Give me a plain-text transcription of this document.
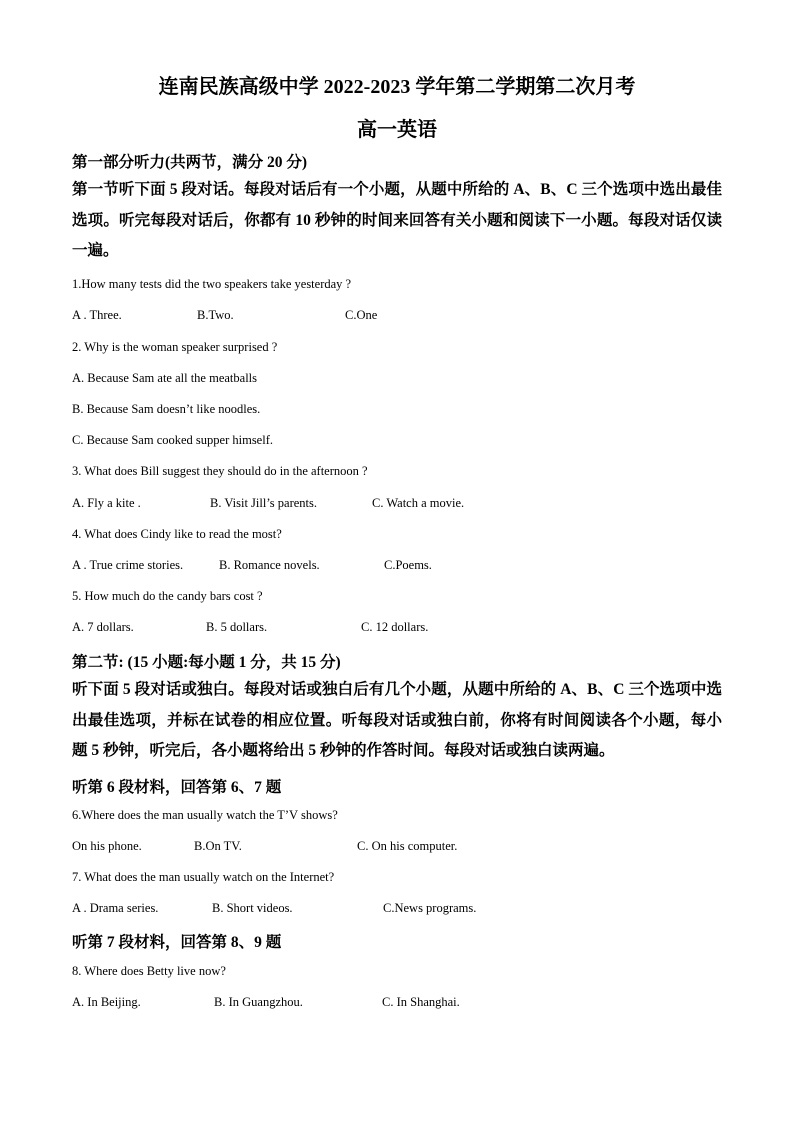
连南民族高级中学 2022-2023 学年第二学期第二次月考
高一英语
第一部分听力(共两节，满分 20 分)
第一节听下面 5 段对话。每段对话后有一个小题，从题中所给的 A、B、C 三个选项中选出最佳选项。听完每段对话后，你都有 10 秒钟的时间来回答有关小题和阅读下一小题。每段对话仅读一遍。
1.How many tests did the two speakers take yesterday ?
A . Three.	B.Two.	C.One
2. Why is the woman speaker surprised ?
A. Because Sam ate all the meatballs
B. Because Sam doesn’t like noodles.
C. Because Sam cooked supper himself.
3. What does Bill suggest they should do in the afternoon ?
A. Fly a kite .	B. Visit Jill’s parents.	C. Watch a movie.
4. What does Cindy like to read the most?
A . True crime stories.	B. Romance novels.	C.Poems.
5. How much do the candy bars cost ?
A. 7 dollars.	B. 5 dollars.	C. 12 dollars.
第二节: (15 小题:每小题 1 分，共 15 分)
听下面 5 段对话或独白。每段对话或独白后有几个小题，从题中所给的 A、B、C 三个选项中选出最佳选项，并标在试卷的相应位置。听每段对话或独白前，你将有时间阅读各个小题，每小题 5 秒钟，听完后，各小题将给出 5 秒钟的作答时间。每段对话或独白读两遍。
听第 6 段材料，回答第 6、7 题
6.Where does the man usually watch the T’V shows?
On his phone.	B.On TV.	C. On his computer.
7. What does the man usually watch on the Internet?
A . Drama series.	B. Short videos.	C.News programs.
听第 7 段材料，回答第 8、9 题
8. Where does Betty live now?
A. In Beijing.	B. In Guangzhou.	C. In Shanghai.
